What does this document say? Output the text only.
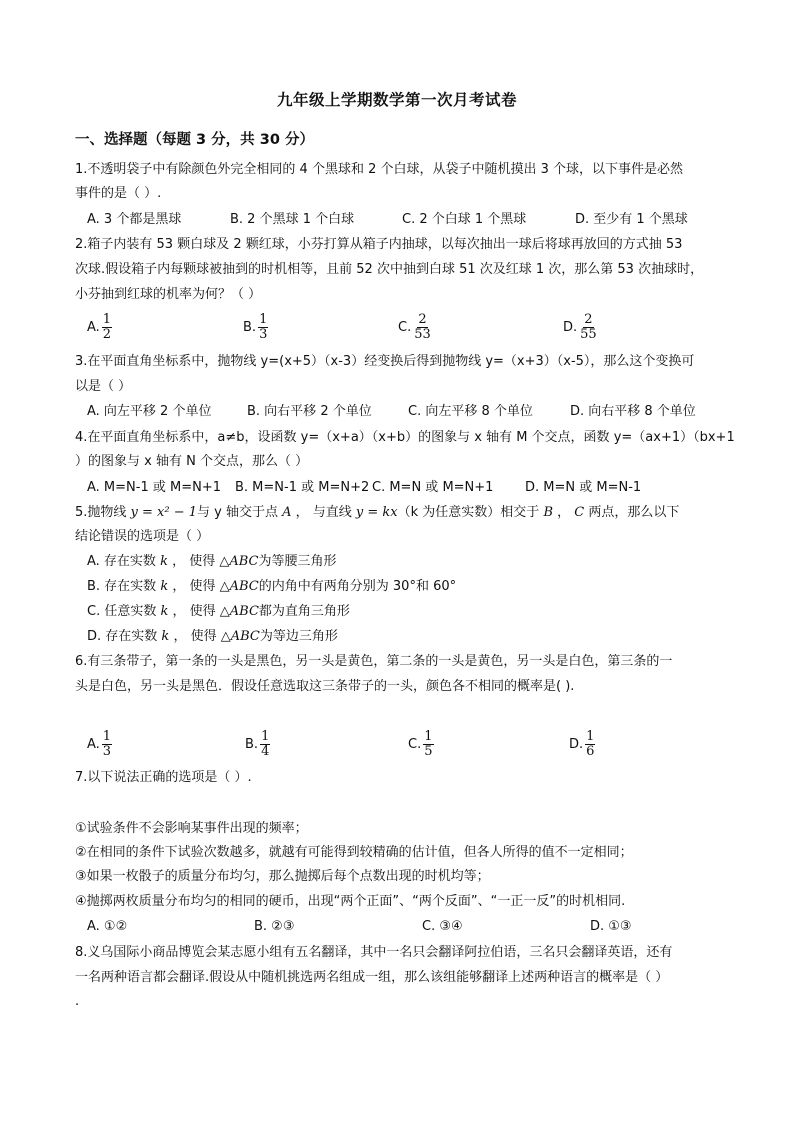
九年级上学期数学第一次月考试卷
一、选择题（每题 3 分，共 30 分）
1.不透明袋子中有除颜色外完全相同的 4 个黑球和 2 个白球，从袋子中随机摸出 3 个球，以下事件是必然
事件的是（ ）.
A. 3 个都是黑球	B. 2 个黑球 1 个白球	C. 2 个白球 1 个黑球	D. 至少有 1 个黑球
2.箱子内装有 53 颗白球及 2 颗红球，小芬打算从箱子内抽球，以每次抽出一球后将球再放回的方式抽 53
次球.假设箱子内每颗球被抽到的时机相等，且前 52 次中抽到白球 51 次及红球 1 次，那么第 53 次抽球时，
小芬抽到红球的机率为何？（ ）
A. $\frac{1}{2}$	B. $\frac{1}{3}$	C. $\frac{2}{53}$	D. $\frac{2}{55}$
3.在平面直角坐标系中，抛物线 y=(x+5）（x-3）经变换后得到抛物线 y=（x+3）（x-5），那么这个变换可
以是（ ）
A. 向左平移 2 个单位	B. 向右平移 2 个单位	C. 向左平移 8 个单位	D. 向右平移 8 个单位
4.在平面直角坐标系中，a≠b，设函数 y=（x+a）（x+b）的图象与 x 轴有 M 个交点，函数 y=（ax+1）（bx+1
）的图象与 x 轴有 N 个交点，那么（ ）
A. M=N-1 或 M=N+1 B. M=N-1 或 M=N+2 C. M=N 或 M=N+1 D. M=N 或 M=N-1
5.抛物线 y = x² − 1与 y 轴交于点 A ， 与直线 y = kx（k 为任意实数）相交于 B ， C 两点，那么以下
结论错误的选项是（ ）
A. 存在实数 k ， 使得 △ABC为等腰三角形
B. 存在实数 k ， 使得 △ABC的内角中有两角分别为 30°和 60°
C. 任意实数 k ， 使得 △ABC都为直角三角形
D. 存在实数 k ， 使得 △ABC为等边三角形
6.有三条带子，第一条的一头是黑色，另一头是黄色，第二条的一头是黄色，另一头是白色，第三条的一
头是白色，另一头是黑色．假设任意选取这三条带子的一头，颜色各不相同的概率是( ).
A. $\frac{1}{3}$	B. $\frac{1}{4}$	C. $\frac{1}{5}$	D. $\frac{1}{6}$
7.以下说法正确的选项是（ ）.
①试验条件不会影响某事件出现的频率；
②在相同的条件下试验次数越多，就越有可能得到较精确的估计值，但各人所得的值不一定相同；
③如果一枚骰子的质量分布均匀，那么抛掷后每个点数出现的时机均等；
④抛掷两枚质量分布均匀的相同的硬币，出现“两个正面”、“两个反面”、“一正一反”的时机相同.
A. ①②	B. ②③	C. ③④	D. ①③
8.义乌国际小商品博览会某志愿小组有五名翻译，其中一名只会翻译阿拉伯语，三名只会翻译英语，还有
一名两种语言都会翻译.假设从中随机挑选两名组成一组，那么该组能够翻译上述两种语言的概率是（ ）
.
